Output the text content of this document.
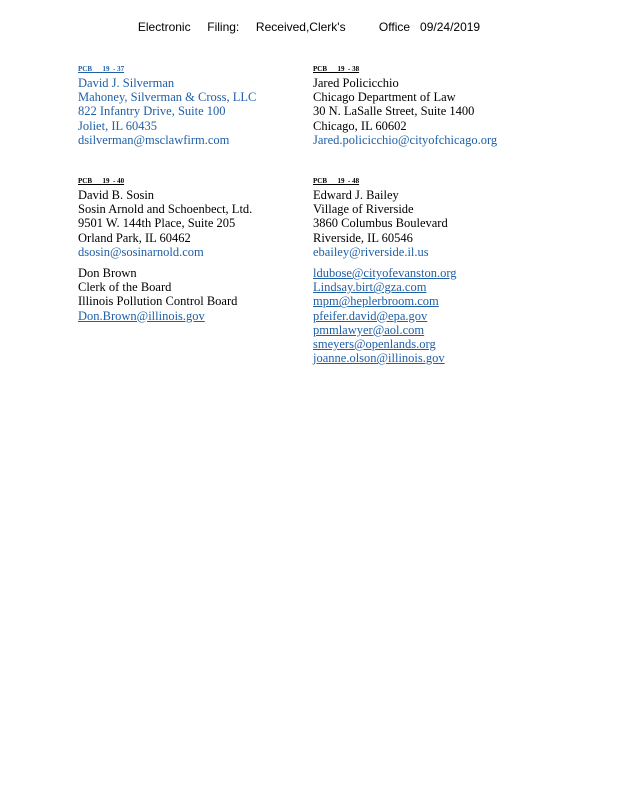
Electronic     Filing:     Received,Clerk's          Office   09/24/2019
PCB      19  - 37
David J. Silverman
Mahoney, Silverman & Cross, LLC
822 Infantry Drive, Suite 100
Joliet, IL 60435
dsilverman@msclawfirm.com
PCB      19  - 38
Jared Policicchio
Chicago Department of Law
30 N. LaSalle Street, Suite 1400
Chicago, IL 60602
Jared.policicchio@cityofchicago.org
PCB      19  - 40
David B. Sosin
Sosin Arnold and Schoenbect, Ltd.
9501 W. 144th Place, Suite 205
Orland Park, IL 60462
dsosin@sosinarnold.com
PCB      19  - 48
Edward J. Bailey
Village of Riverside
3860 Columbus Boulevard
Riverside, IL 60546
ebailey@riverside.il.us
Don Brown
Clerk of the Board
Illinois Pollution Control Board
Don.Brown@illinois.gov
ldubose@cityofevanston.org
Lindsay.birt@gza.com
mpm@heplerbroom.com
pfeifer.david@epa.gov
pmmlawyer@aol.com
smeyers@openlands.org
joanne.olson@illinois.gov
